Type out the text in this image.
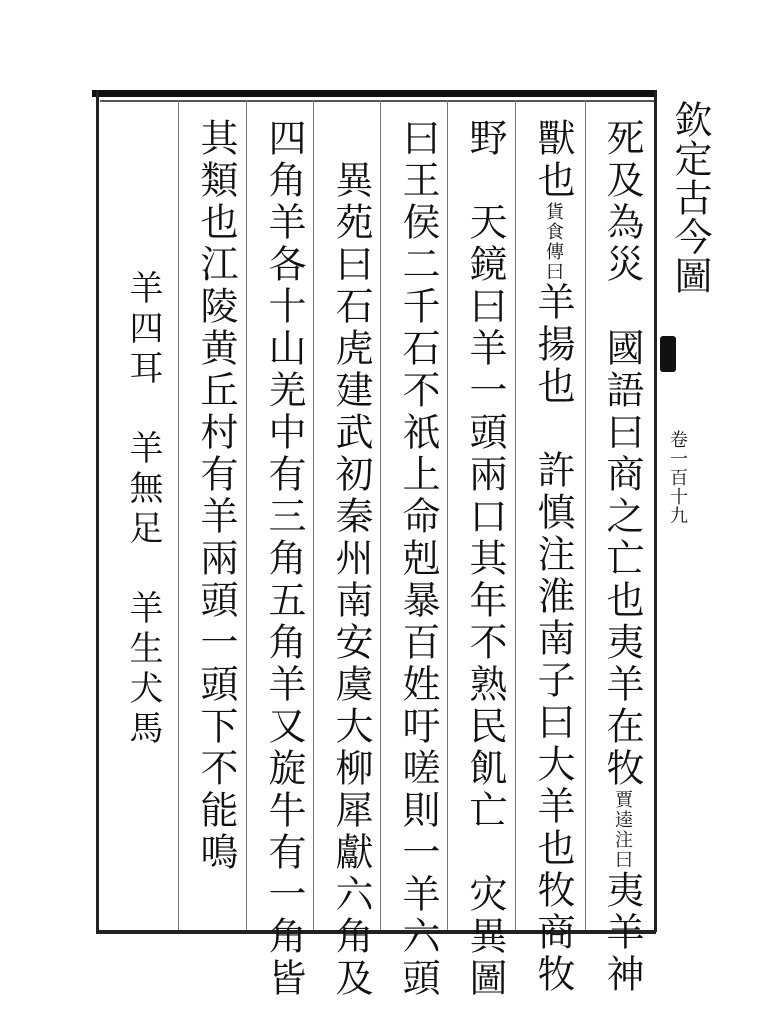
欽定古今圖
卷一百十九
死及為災　國語曰商之亡也夷羊在牧賈逵注曰夷羊神
獸也貨食傳曰羊揚也　許慎注淮南子曰大羊也牧商牧
野　天鏡曰羊一頭兩口其年不熟民飢亡　灾異圖
曰王侯二千石不祇上命剋暴百姓吁嗟則一羊六頭
異苑曰石虎建武初秦州南安虞大柳犀獻六角及
四角羊各十山羌中有三角五角羊又旋牛有一角皆
其類也江陵黄丘村有羊兩頭一頭下不能鳴
羊四耳　羊無足　羊生犬馬
